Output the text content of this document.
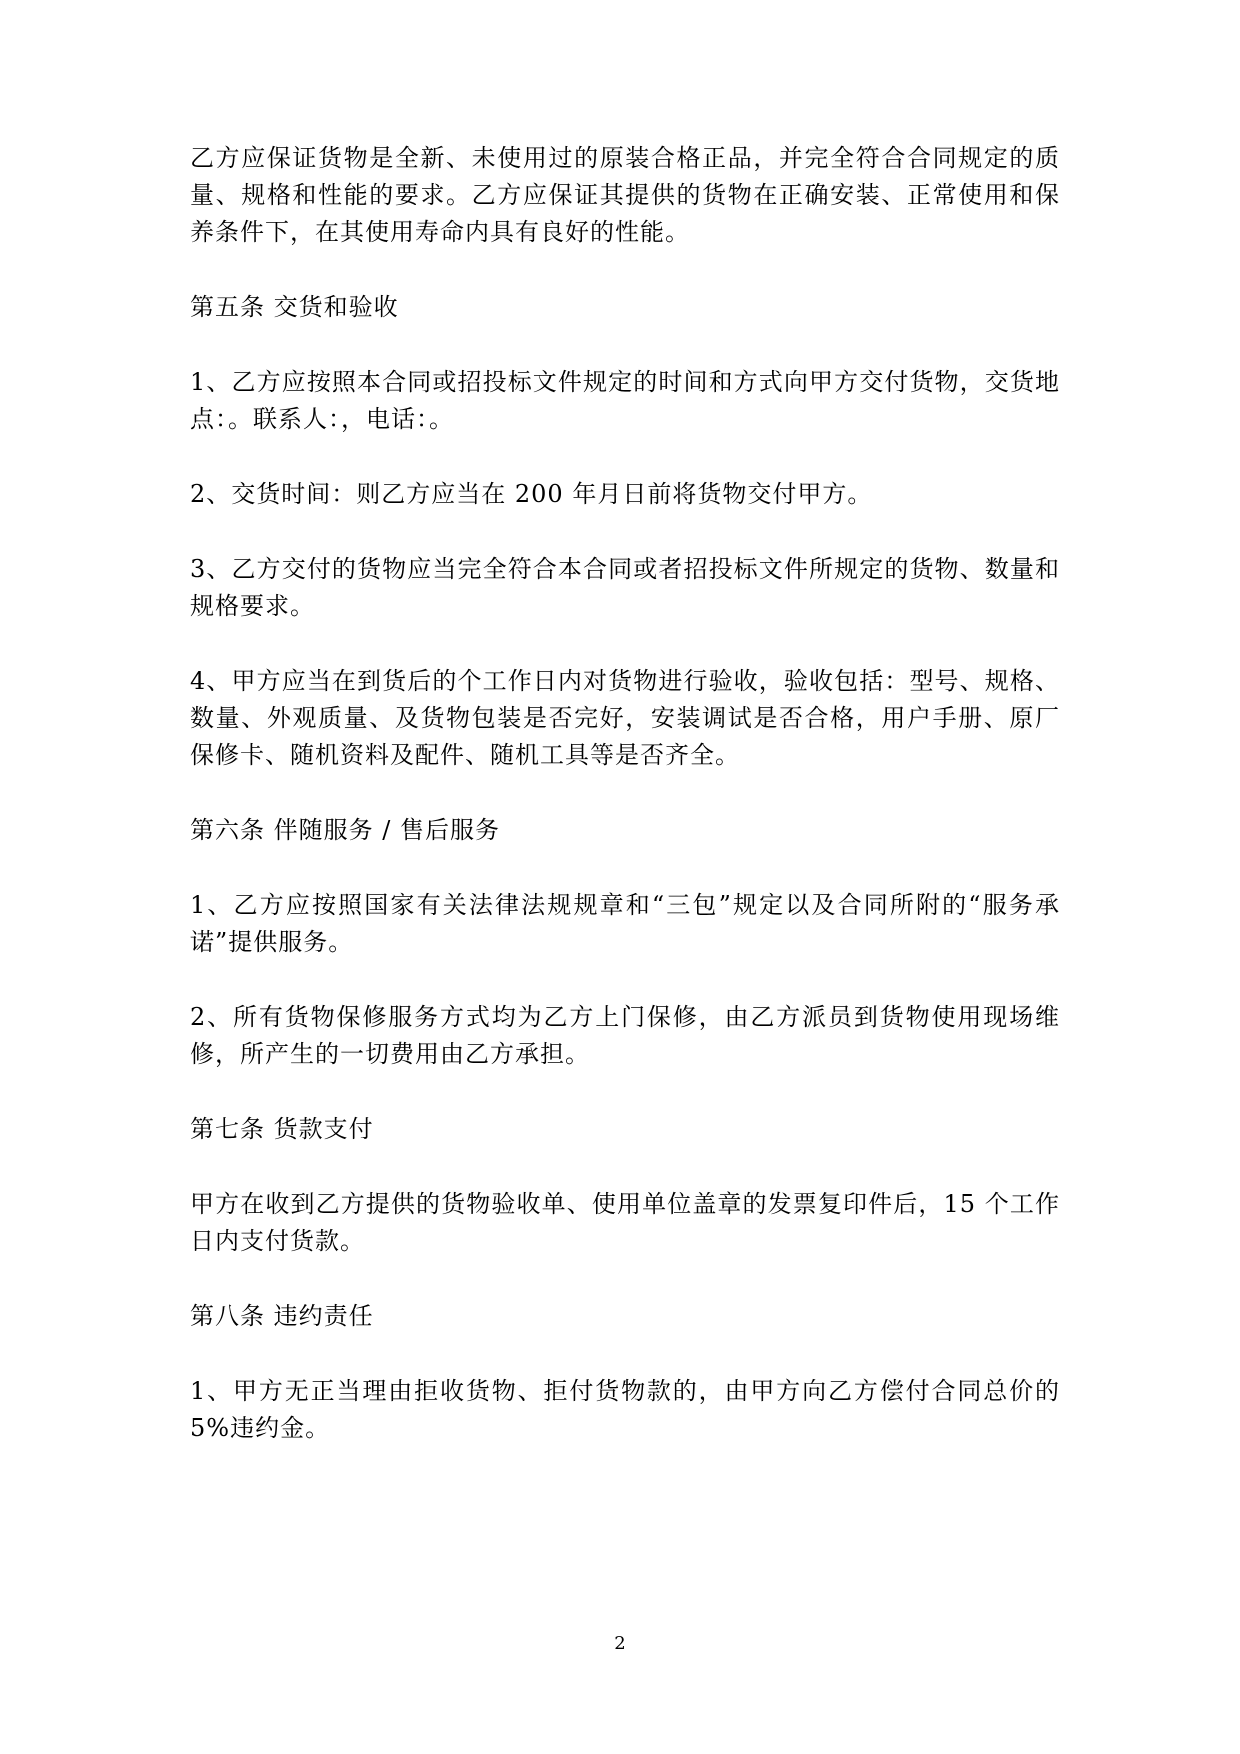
乙方应保证货物是全新、未使用过的原装合格正品，并完全符合合同规定的质量、规格和性能的要求。乙方应保证其提供的货物在正确安装、正常使用和保养条件下，在其使用寿命内具有良好的性能。

第五条 交货和验收

1、乙方应按照本合同或招投标文件规定的时间和方式向甲方交付货物，交货地点：。联系人：，电话：。

2、交货时间：则乙方应当在 200 年月日前将货物交付甲方。

3、乙方交付的货物应当完全符合本合同或者招投标文件所规定的货物、数量和规格要求。

4、甲方应当在到货后的个工作日内对货物进行验收，验收包括：型号、规格、数量、外观质量、及货物包装是否完好，安装调试是否合格，用户手册、原厂保修卡、随机资料及配件、随机工具等是否齐全。

第六条 伴随服务 / 售后服务

1、乙方应按照国家有关法律法规规章和“三包”规定以及合同所附的“服务承诺”提供服务。

2、所有货物保修服务方式均为乙方上门保修，由乙方派员到货物使用现场维修，所产生的一切费用由乙方承担。

第七条 货款支付

甲方在收到乙方提供的货物验收单、使用单位盖章的发票复印件后，15 个工作日内支付货款。

第八条 违约责任

1、甲方无正当理由拒收货物、拒付货物款的，由甲方向乙方偿付合同总价的5%违约金。

2
